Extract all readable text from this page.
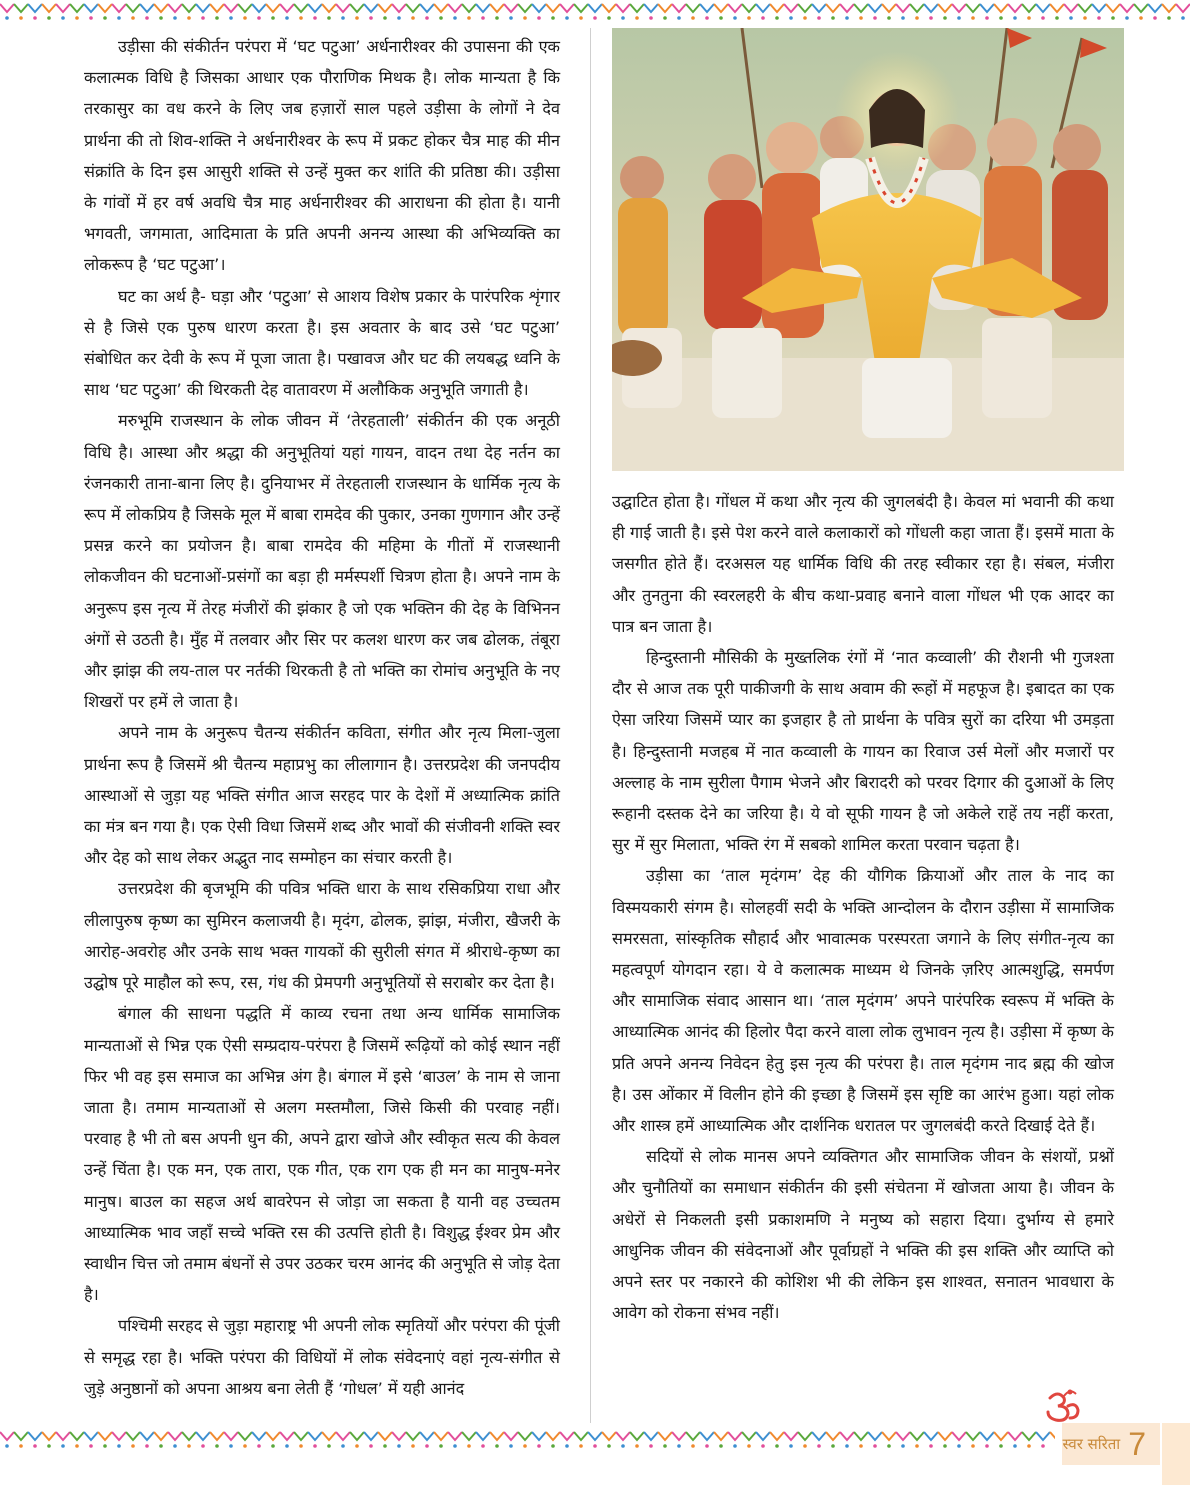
उड़ीसा की संकीर्तन परंपरा में ‘घट पटुआ’ अर्धनारीश्वर की उपासना की एक कलात्मक विधि है जिसका आधार एक पौराणिक मिथक है। लोक मान्यता है कि तरकासुर का वध करने के लिए जब हज़ारों साल पहले उड़ीसा के लोगों ने देव प्रार्थना की तो शिव-शक्ति ने अर्धनारीश्वर के रूप में प्रकट होकर चैत्र माह की मीन संक्रांति के दिन इस आसुरी शक्ति से उन्हें मुक्त कर शांति की प्रतिष्ठा की। उड़ीसा के गांवों में हर वर्ष अवधि चैत्र माह अर्धनारीश्वर की आराधना की होता है। यानी भगवती, जगमाता, आदिमाता के प्रति अपनी अनन्य आस्था की अभिव्यक्ति का लोकरूप है ‘घट पटुआ’।

घट का अर्थ है- घड़ा और ‘पटुआ’ से आशय विशेष प्रकार के पारंपरिक शृंगार से है जिसे एक पुरुष धारण करता है। इस अवतार के बाद उसे ‘घट पटुआ’ संबोधित कर देवी के रूप में पूजा जाता है। पखावज और घट की लयबद्ध ध्वनि के साथ ‘घट पटुआ’ की थिरकती देह वातावरण में अलौकिक अनुभूति जगाती है।

मरुभूमि राजस्थान के लोक जीवन में ‘तेरहताली’ संकीर्तन की एक अनूठी विधि है। आस्था और श्रद्धा की अनुभूतियां यहां गायन, वादन तथा देह नर्तन का रंजनकारी ताना-बाना लिए है। दुनियाभर में तेरहताली राजस्थान के धार्मिक नृत्य के रूप में लोकप्रिय है जिसके मूल में बाबा रामदेव की पुकार, उनका गुणगान और उन्हें प्रसन्न करने का प्रयोजन है। बाबा रामदेव की महिमा के गीतों में राजस्थानी लोकजीवन की घटनाओं-प्रसंगों का बड़ा ही मर्मस्पर्शी चित्रण होता है। अपने नाम के अनुरूप इस नृत्य में तेरह मंजीरों की झंकार है जो एक भक्तिन की देह के विभिनन अंगों से उठती है। मुँह में तलवार और सिर पर कलश धारण कर जब ढोलक, तंबूरा और झांझ की लय-ताल पर नर्तकी थिरकती है तो भक्ति का रोमांच अनुभूति के नए शिखरों पर हमें ले जाता है।

अपने नाम के अनुरूप चैतन्य संकीर्तन कविता, संगीत और नृत्य मिला-जुला प्रार्थना रूप है जिसमें श्री चैतन्य महाप्रभु का लीलागान है। उत्तरप्रदेश की जनपदीय आस्थाओं से जुड़ा यह भक्ति संगीत आज सरहद पार के देशों में अध्यात्मिक क्रांति का मंत्र बन गया है। एक ऐसी विधा जिसमें शब्द और भावों की संजीवनी शक्ति स्वर और देह को साथ लेकर अद्भुत नाद सम्मोहन का संचार करती है।

उत्तरप्रदेश की बृजभूमि की पवित्र भक्ति धारा के साथ रसिकप्रिया राधा और लीलापुरुष कृष्ण का सुमिरन कलाजयी है। मृदंग, ढोलक, झांझ, मंजीरा, खैजरी के आरोह-अवरोह और उनके साथ भक्त गायकों की सुरीली संगत में श्रीराधे-कृष्ण का उद्घोष पूरे माहौल को रूप, रस, गंध की प्रेमपगी अनुभूतियों से सराबोर कर देता है।

बंगाल की साधना पद्धति में काव्य रचना तथा अन्य धार्मिक सामाजिक मान्यताओं से भिन्न एक ऐसी सम्प्रदाय-परंपरा है जिसमें रूढ़ियों को कोई स्थान नहीं फिर भी वह इस समाज का अभिन्न अंग है। बंगाल में इसे ‘बाउल’ के नाम से जाना जाता है। तमाम मान्यताओं से अलग मस्तमौला, जिसे किसी की परवाह नहीं। परवाह है भी तो बस अपनी धुन की, अपने द्वारा खोजे और स्वीकृत सत्य की केवल उन्हें चिंता है। एक मन, एक तारा, एक गीत, एक राग एक ही मन का मानुष-मनेर मानुष। बाउल का सहज अर्थ बावरेपन से जोड़ा जा सकता है यानी वह उच्चतम आध्यात्मिक भाव जहाँ सच्चे भक्ति रस की उत्पत्ति होती है। विशुद्ध ईश्वर प्रेम और स्वाधीन चित्त जो तमाम बंधनों से उपर उठकर चरम आनंद की अनुभूति से जोड़ देता है।

पश्चिमी सरहद से जुड़ा महाराष्ट्र भी अपनी लोक स्मृतियों और परंपरा की पूंजी से समृद्ध रहा है। भक्ति परंपरा की विधियों में लोक संवेदनाएं वहां नृत्य-संगीत से जुड़े अनुष्ठानों को अपना आश्रय बना लेती हैं ‘गोधल’ में यही आनंद

उद्घाटित होता है। गोंधल में कथा और नृत्य की जुगलबंदी है। केवल मां भवानी की कथा ही गाई जाती है। इसे पेश करने वाले कलाकारों को गोंधली कहा जाता हैं। इसमें माता के जसगीत होते हैं। दरअसल यह धार्मिक विधि की तरह स्वीकार रहा है। संबल, मंजीरा और तुनतुना की स्वरलहरी के बीच कथा-प्रवाह बनाने वाला गोंधल भी एक आदर का पात्र बन जाता है।

हिन्दुस्तानी मौसिकी के मुख्तलिक रंगों में ‘नात कव्वाली’ की रौशनी भी गुजश्ता दौर से आज तक पूरी पाकीजगी के साथ अवाम की रूहों में महफूज है। इबादत का एक ऐसा जरिया जिसमें प्यार का इजहार है तो प्रार्थना के पवित्र सुरों का दरिया भी उमड़ता है। हिन्दुस्तानी मजहब में नात कव्वाली के गायन का रिवाज उर्स मेलों और मजारों पर अल्लाह के नाम सुरीला पैगाम भेजने और बिरादरी को परवर दिगार की दुआओं के लिए रूहानी दस्तक देने का जरिया है। ये वो सूफी गायन है जो अकेले राहें तय नहीं करता, सुर में सुर मिलाता, भक्ति रंग में सबको शामिल करता परवान चढ़ता है।

उड़ीसा का ‘ताल मृदंगम’ देह की यौगिक क्रियाओं और ताल के नाद का विस्मयकारी संगम है। सोलहवीं सदी के भक्ति आन्दोलन के दौरान उड़ीसा में सामाजिक समरसता, सांस्कृतिक सौहार्द और भावात्मक परस्परता जगाने के लिए संगीत-नृत्य का महत्वपूर्ण योगदान रहा। ये वे कलात्मक माध्यम थे जिनके ज़रिए आत्मशुद्धि, समर्पण और सामाजिक संवाद आसान था। ‘ताल मृदंगम’ अपने पारंपरिक स्वरूप में भक्ति के आध्यात्मिक आनंद की हिलोर पैदा करने वाला लोक लुभावन नृत्य है। उड़ीसा में कृष्ण के प्रति अपने अनन्य निवेदन हेतु इस नृत्य की परंपरा है। ताल मृदंगम नाद ब्रह्म की खोज है। उस ओंकार में विलीन होने की इच्छा है जिसमें इस सृष्टि का आरंभ हुआ। यहां लोक और शास्त्र हमें आध्यात्मिक और दार्शनिक धरातल पर जुगलबंदी करते दिखाई देते हैं।

सदियों से लोक मानस अपने व्यक्तिगत और सामाजिक जीवन के संशयों, प्रश्नों और चुनौतियों का समाधान संकीर्तन की इसी संचेतना में खोजता आया है। जीवन के अधेरों से निकलती इसी प्रकाशमणि ने मनुष्य को सहारा दिया। दुर्भाग्य से हमारे आधुनिक जीवन की संवेदनाओं और पूर्वाग्रहों ने भक्ति की इस शक्ति और व्याप्ति को अपने स्तर पर नकारने की कोशिश भी की लेकिन इस शाश्वत, सनातन भावधारा के आवेग को रोकना संभव नहीं।

स्वर सरिता 7
